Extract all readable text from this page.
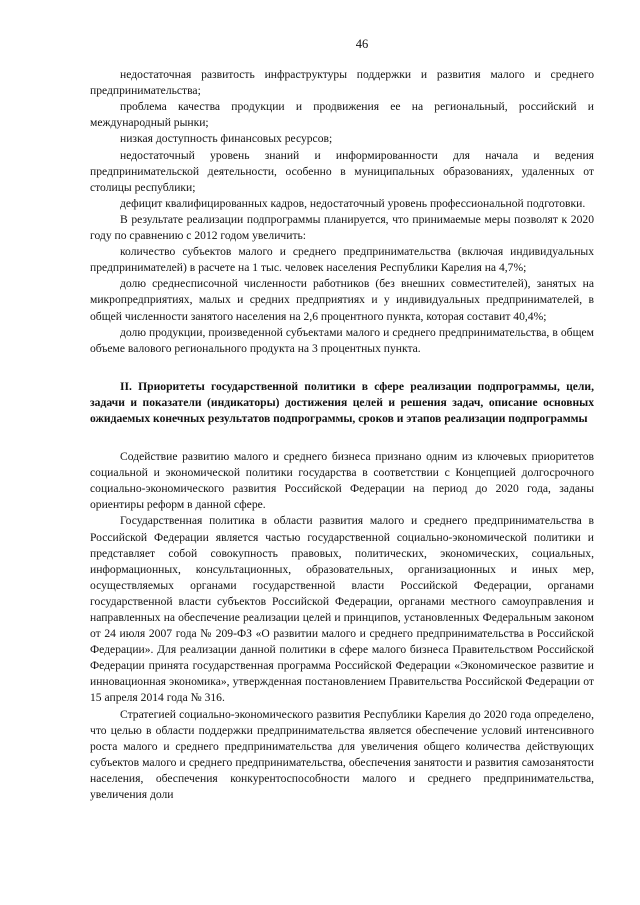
46

недостаточная развитость инфраструктуры поддержки и развития малого и среднего предпринимательства;

проблема качества продукции и продвижения ее на региональный, российский и международный рынки;

низкая доступность финансовых ресурсов;

недостаточный уровень знаний и информированности для начала и ведения предпринимательской деятельности, особенно в муниципальных образованиях, удаленных от столицы республики;

дефицит квалифицированных кадров, недостаточный уровень профессиональной подготовки.

В результате реализации подпрограммы планируется, что принимаемые меры позволят к 2020 году по сравнению с 2012 годом увеличить:

количество субъектов малого и среднего предпринимательства (включая индивидуальных предпринимателей) в расчете на 1 тыс. человек населения Республики Карелия на 4,7%;

долю среднесписочной численности работников (без внешних совместителей), занятых на микропредприятиях, малых и средних предприятиях и у индивидуальных предпринимателей, в общей численности занятого населения на 2,6 процентного пункта, которая составит 40,4%;

долю продукции, произведенной субъектами малого и среднего предпринимательства, в общем объеме валового регионального продукта на 3 процентных пункта.

II. Приоритеты государственной политики в сфере реализации подпрограммы, цели, задачи и показатели (индикаторы) достижения целей и решения задач, описание основных ожидаемых конечных результатов подпрограммы, сроков и этапов реализации подпрограммы

Содействие развитию малого и среднего бизнеса признано одним из ключевых приоритетов социальной и экономической политики государства в соответствии с Концепцией долгосрочного социально-экономического развития Российской Федерации на период до 2020 года, заданы ориентиры реформ в данной сфере.

Государственная политика в области развития малого и среднего предпринимательства в Российской Федерации является частью государственной социально-экономической политики и представляет собой совокупность правовых, политических, экономических, социальных, информационных, консультационных, образовательных, организационных и иных мер, осуществляемых органами государственной власти Российской Федерации, органами государственной власти субъектов Российской Федерации, органами местного самоуправления и направленных на обеспечение реализации целей и принципов, установленных Федеральным законом от 24 июля 2007 года № 209-ФЗ «О развитии малого и среднего предпринимательства в Российской Федерации». Для реализации данной политики в сфере малого бизнеса Правительством Российской Федерации принята государственная программа Российской Федерации «Экономическое развитие и инновационная экономика», утвержденная постановлением Правительства Российской Федерации от 15 апреля 2014 года № 316.

Стратегией социально-экономического развития Республики Карелия до 2020 года определено, что целью в области поддержки предпринимательства является обеспечение условий интенсивного роста малого и среднего предпринимательства для увеличения общего количества действующих субъектов малого и среднего предпринимательства, обеспечения занятости и развития самозанятости населения, обеспечения конкурентоспособности малого и среднего предпринимательства, увеличения доли
